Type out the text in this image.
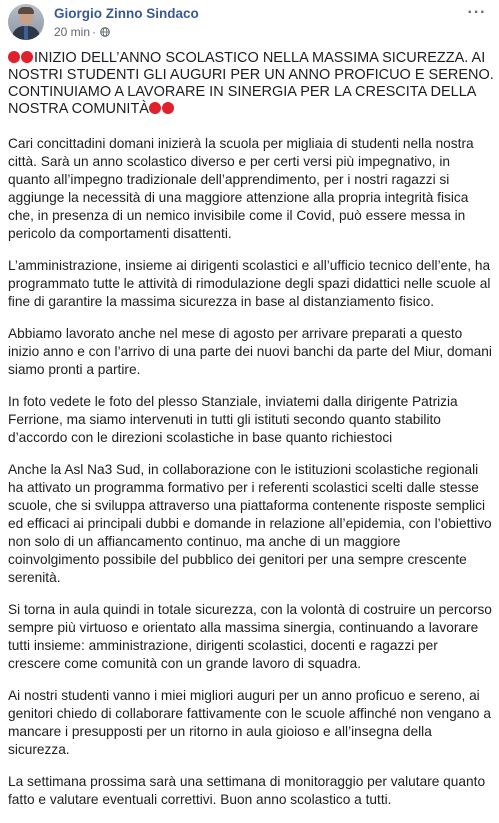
Giorgio Zinno Sindaco
20 min ·
···
INIZIO DELL’ANNO SCOLASTICO NELLA MASSIMA SICUREZZA. AI NOSTRI STUDENTI GLI AUGURI PER UN ANNO PROFICUO E SERENO. CONTINUIAMO A LAVORARE IN SINERGIA PER LA CRESCITA DELLA NOSTRA COMUNITÀ

Cari concittadini domani inizierà la scuola per migliaia di studenti nella nostra città. Sarà un anno scolastico diverso e per certi versi più impegnativo, in quanto all’impegno tradizionale dell’apprendimento, per i nostri ragazzi si aggiunge la necessità di una maggiore attenzione alla propria integrità fisica che, in presenza di un nemico invisibile come il Covid, può essere messa in pericolo da comportamenti disattenti.

L’amministrazione, insieme ai dirigenti scolastici e all’ufficio tecnico dell’ente, ha programmato tutte le attività di rimodulazione degli spazi didattici nelle scuole al fine di garantire la massima sicurezza in base al distanziamento fisico.

Abbiamo lavorato anche nel mese di agosto per arrivare preparati a questo inizio anno e con l’arrivo di una parte dei nuovi banchi da parte del Miur, domani siamo pronti a partire.

In foto vedete le foto del plesso Stanziale, inviatemi dalla dirigente Patrizia Ferrione, ma siamo intervenuti in tutti gli istituti secondo quanto stabilito d’accordo con le direzioni scolastiche in base quanto richiestoci

Anche la Asl Na3 Sud, in collaborazione con le istituzioni scolastiche regionali ha attivato un programma formativo per i referenti scolastici scelti dalle stesse scuole, che si sviluppa attraverso una piattaforma contenente risposte semplici ed efficaci ai principali dubbi e domande in relazione all’epidemia, con l’obiettivo non solo di un affiancamento continuo, ma anche di un maggiore coinvolgimento possibile del pubblico dei genitori per una sempre crescente serenità.

Si torna in aula quindi in totale sicurezza, con la volontà di costruire un percorso sempre più virtuoso e orientato alla massima sinergia, continuando a lavorare tutti insieme: amministrazione, dirigenti scolastici, docenti e ragazzi per crescere come comunità con un grande lavoro di squadra.

Ai nostri studenti vanno i miei migliori auguri per un anno proficuo e sereno, ai genitori chiedo di collaborare fattivamente con le scuole affinché non vengano a mancare i presupposti per un ritorno in aula gioioso e all’insegna della sicurezza.

La settimana prossima sarà una settimana di monitoraggio per valutare quanto fatto e valutare eventuali correttivi. Buon anno scolastico a tutti.
